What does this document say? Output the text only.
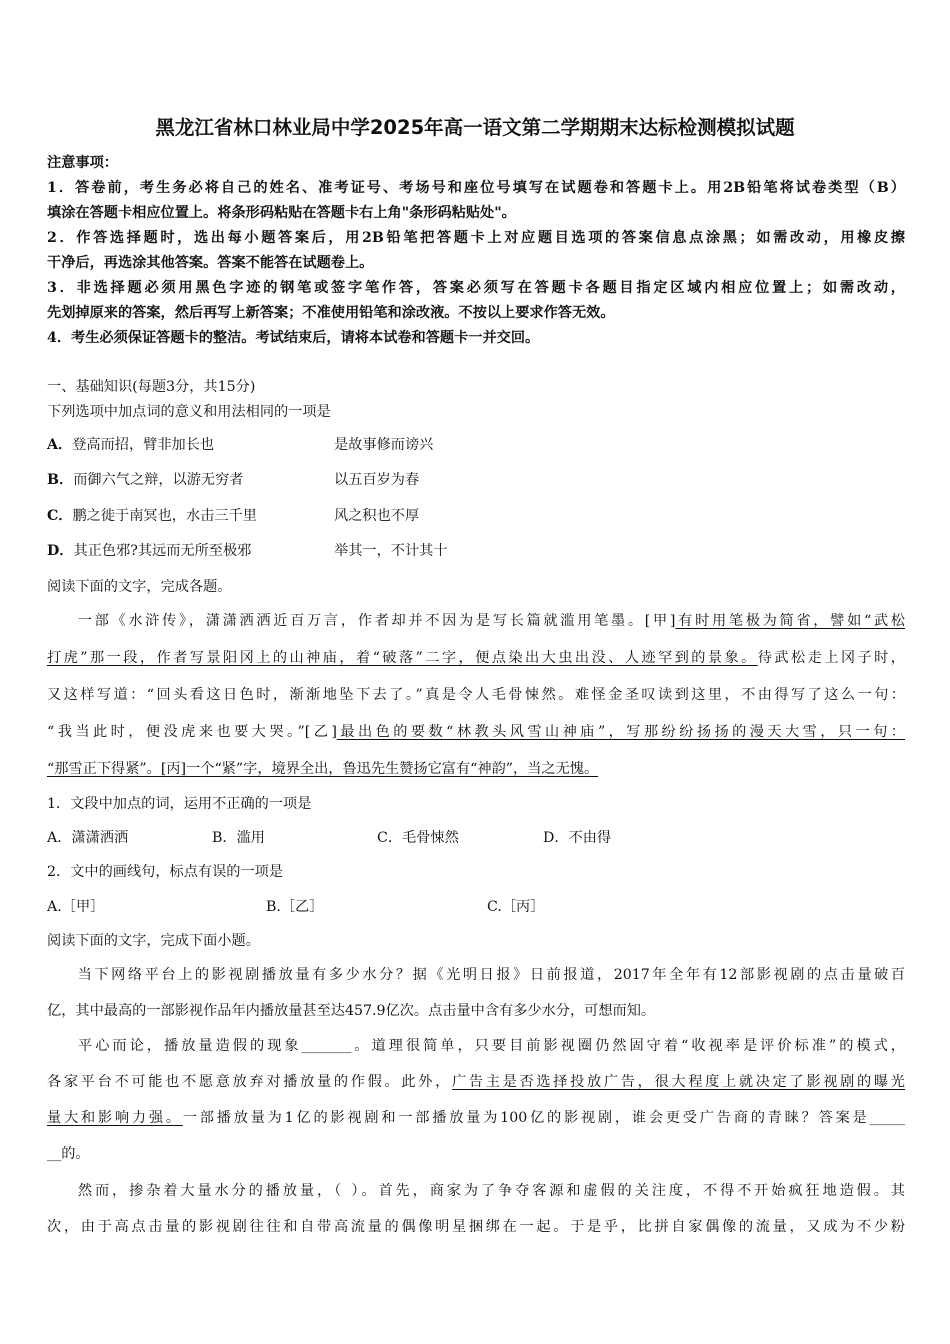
黑龙江省林口林业局中学2025年高一语文第二学期期末达标检测模拟试题
注意事项：
1．答卷前，考生务必将自己的姓名、准考证号、考场号和座位号填写在试题卷和答题卡上。用2B铅笔将试卷类型（B）
填涂在答题卡相应位置上。将条形码粘贴在答题卡右上角"条形码粘贴处"。
2．作答选择题时，选出每小题答案后，用2B铅笔把答题卡上对应题目选项的答案信息点涂黑；如需改动，用橡皮擦
干净后，再选涂其他答案。答案不能答在试题卷上。
3．非选择题必须用黑色字迹的钢笔或签字笔作答，答案必须写在答题卡各题目指定区域内相应位置上；如需改动，
先划掉原来的答案，然后再写上新答案；不准使用铅笔和涂改液。不按以上要求作答无效。
4．考生必须保证答题卡的整洁。考试结束后，请将本试卷和答题卡一并交回。
一、基础知识(每题3分，共15分)
下列选项中加点词的意义和用法相同的一项是
A．登高而招，臂非加长也	是故事修而谤兴
B．而御六气之辩，以游无穷者	以五百岁为春
C．鹏之徙于南冥也，水击三千里	风之积也不厚
D．其正色邪?其远而无所至极邪	举其一，不计其十
阅读下面的文字，完成各题。
一部《水浒传》，潇潇洒洒近百万言，作者却并不因为是写长篇就滥用笔墨。[甲]有时用笔极为简省，譬如“武松
打虎”那一段，作者写景阳冈上的山神庙，着“破落”二字，便点染出大虫出没、人迹罕到的景象。待武松走上冈子时，
又这样写道：“回头看这日色时，渐渐地坠下去了。”真是令人毛骨悚然。难怪金圣叹读到这里，不由得写了这么一句：
“我当此时，便没虎来也要大哭。”[乙]最出色的要数“林教头风雪山神庙”，写那纷纷扬扬的漫天大雪，只一句：
“那雪正下得紧”。[丙]一个“紧”字，境界全出，鲁迅先生赞扬它富有“神韵”，当之无愧。
1．文段中加点的词，运用不正确的一项是
A．潇潇洒洒	B．滥用	C．毛骨悚然	D．不由得
2．文中的画线句，标点有误的一项是
A.［甲］	B.［乙］	C.［丙］
阅读下面的文字，完成下面小题。
当下网络平台上的影视剧播放量有多少水分？据《光明日报》日前报道，2017年全年有12部影视剧的点击量破百
亿，其中最高的一部影视作品年内播放量甚至达457.9亿次。点击量中含有多少水分，可想而知。
平心而论，播放量造假的现象_______。道理很简单，只要目前影视圈仍然固守着“收视率是评价标准”的模式，
各家平台不可能也不愿意放弃对播放量的作假。此外，广告主是否选择投放广告，很大程度上就决定了影视剧的曝光
量大和影响力强。一部播放量为1亿的影视剧和一部播放量为100亿的影视剧，谁会更受广告商的青睐？答案是_____
__的。
然而，掺杂着大量水分的播放量，（ ）。首先，商家为了争夺客源和虚假的关注度，不得不开始疯狂地造假。其
次，由于高点击量的影视剧往往和自带高流量的偶像明星捆绑在一起。于是乎，比拼自家偶像的流量，又成为不少粉
